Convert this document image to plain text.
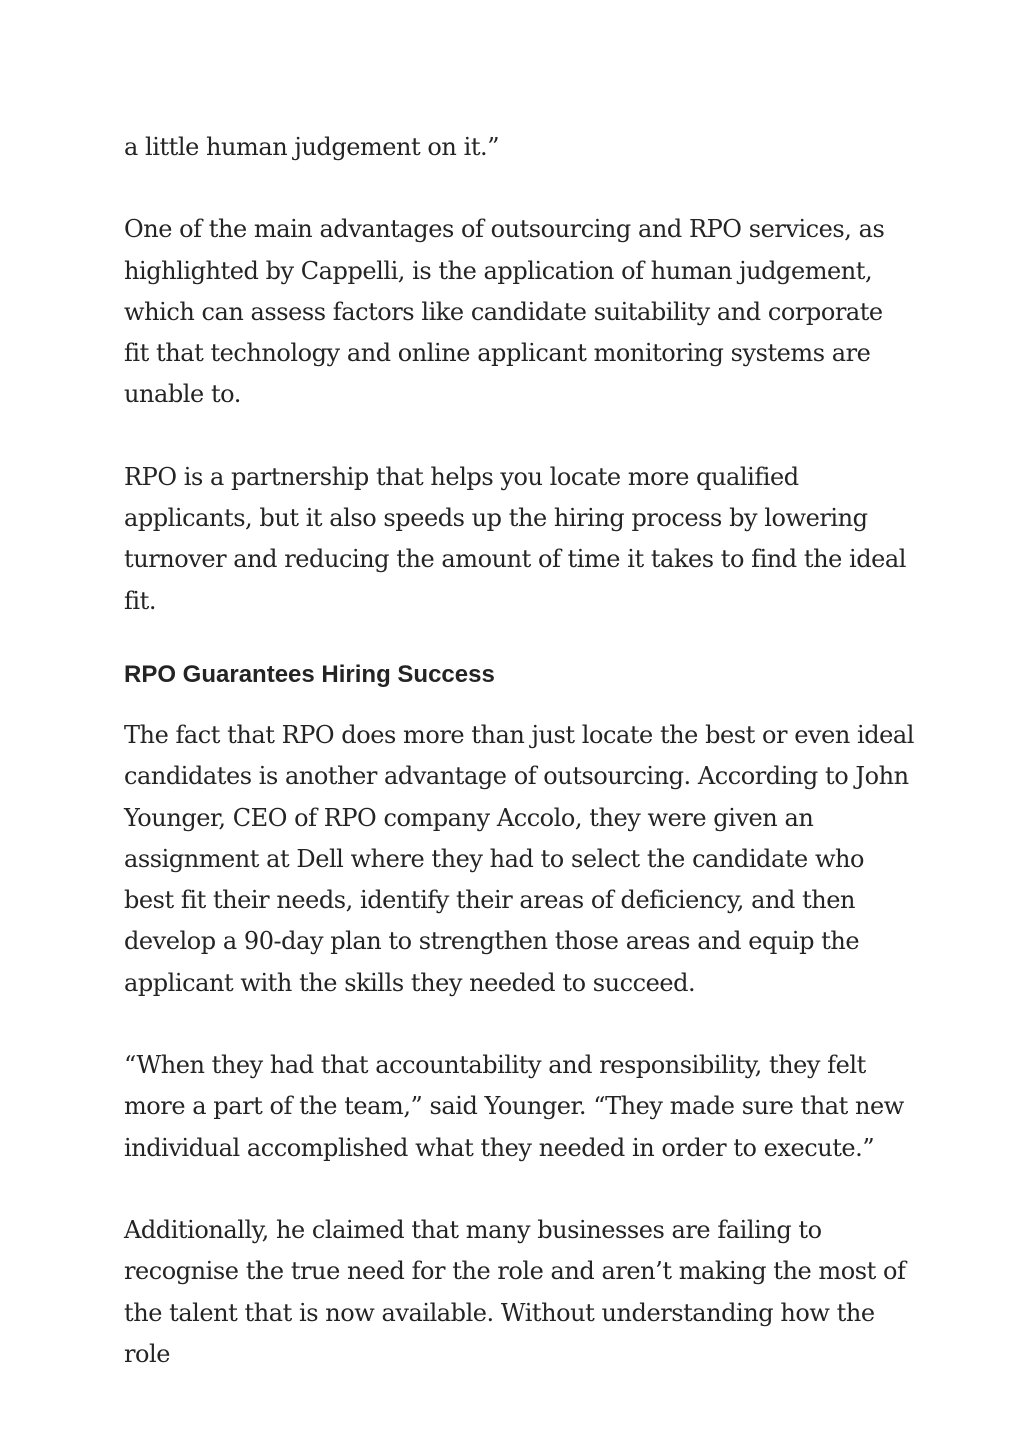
a little human judgement on it.”

One of the main advantages of outsourcing and RPO services, as highlighted by Cappelli, is the application of human judgement, which can assess factors like candidate suitability and corporate fit that technology and online applicant monitoring systems are unable to.

RPO is a partnership that helps you locate more qualified applicants, but it also speeds up the hiring process by lowering turnover and reducing the amount of time it takes to find the ideal fit.

RPO Guarantees Hiring Success

The fact that RPO does more than just locate the best or even ideal candidates is another advantage of outsourcing. According to John Younger, CEO of RPO company Accolo, they were given an assignment at Dell where they had to select the candidate who best fit their needs, identify their areas of deficiency, and then develop a 90-day plan to strengthen those areas and equip the applicant with the skills they needed to succeed.

“When they had that accountability and responsibility, they felt more a part of the team,” said Younger. “They made sure that new individual accomplished what they needed in order to execute.”

Additionally, he claimed that many businesses are failing to recognise the true need for the role and aren’t making the most of the talent that is now available. Without understanding how the role
